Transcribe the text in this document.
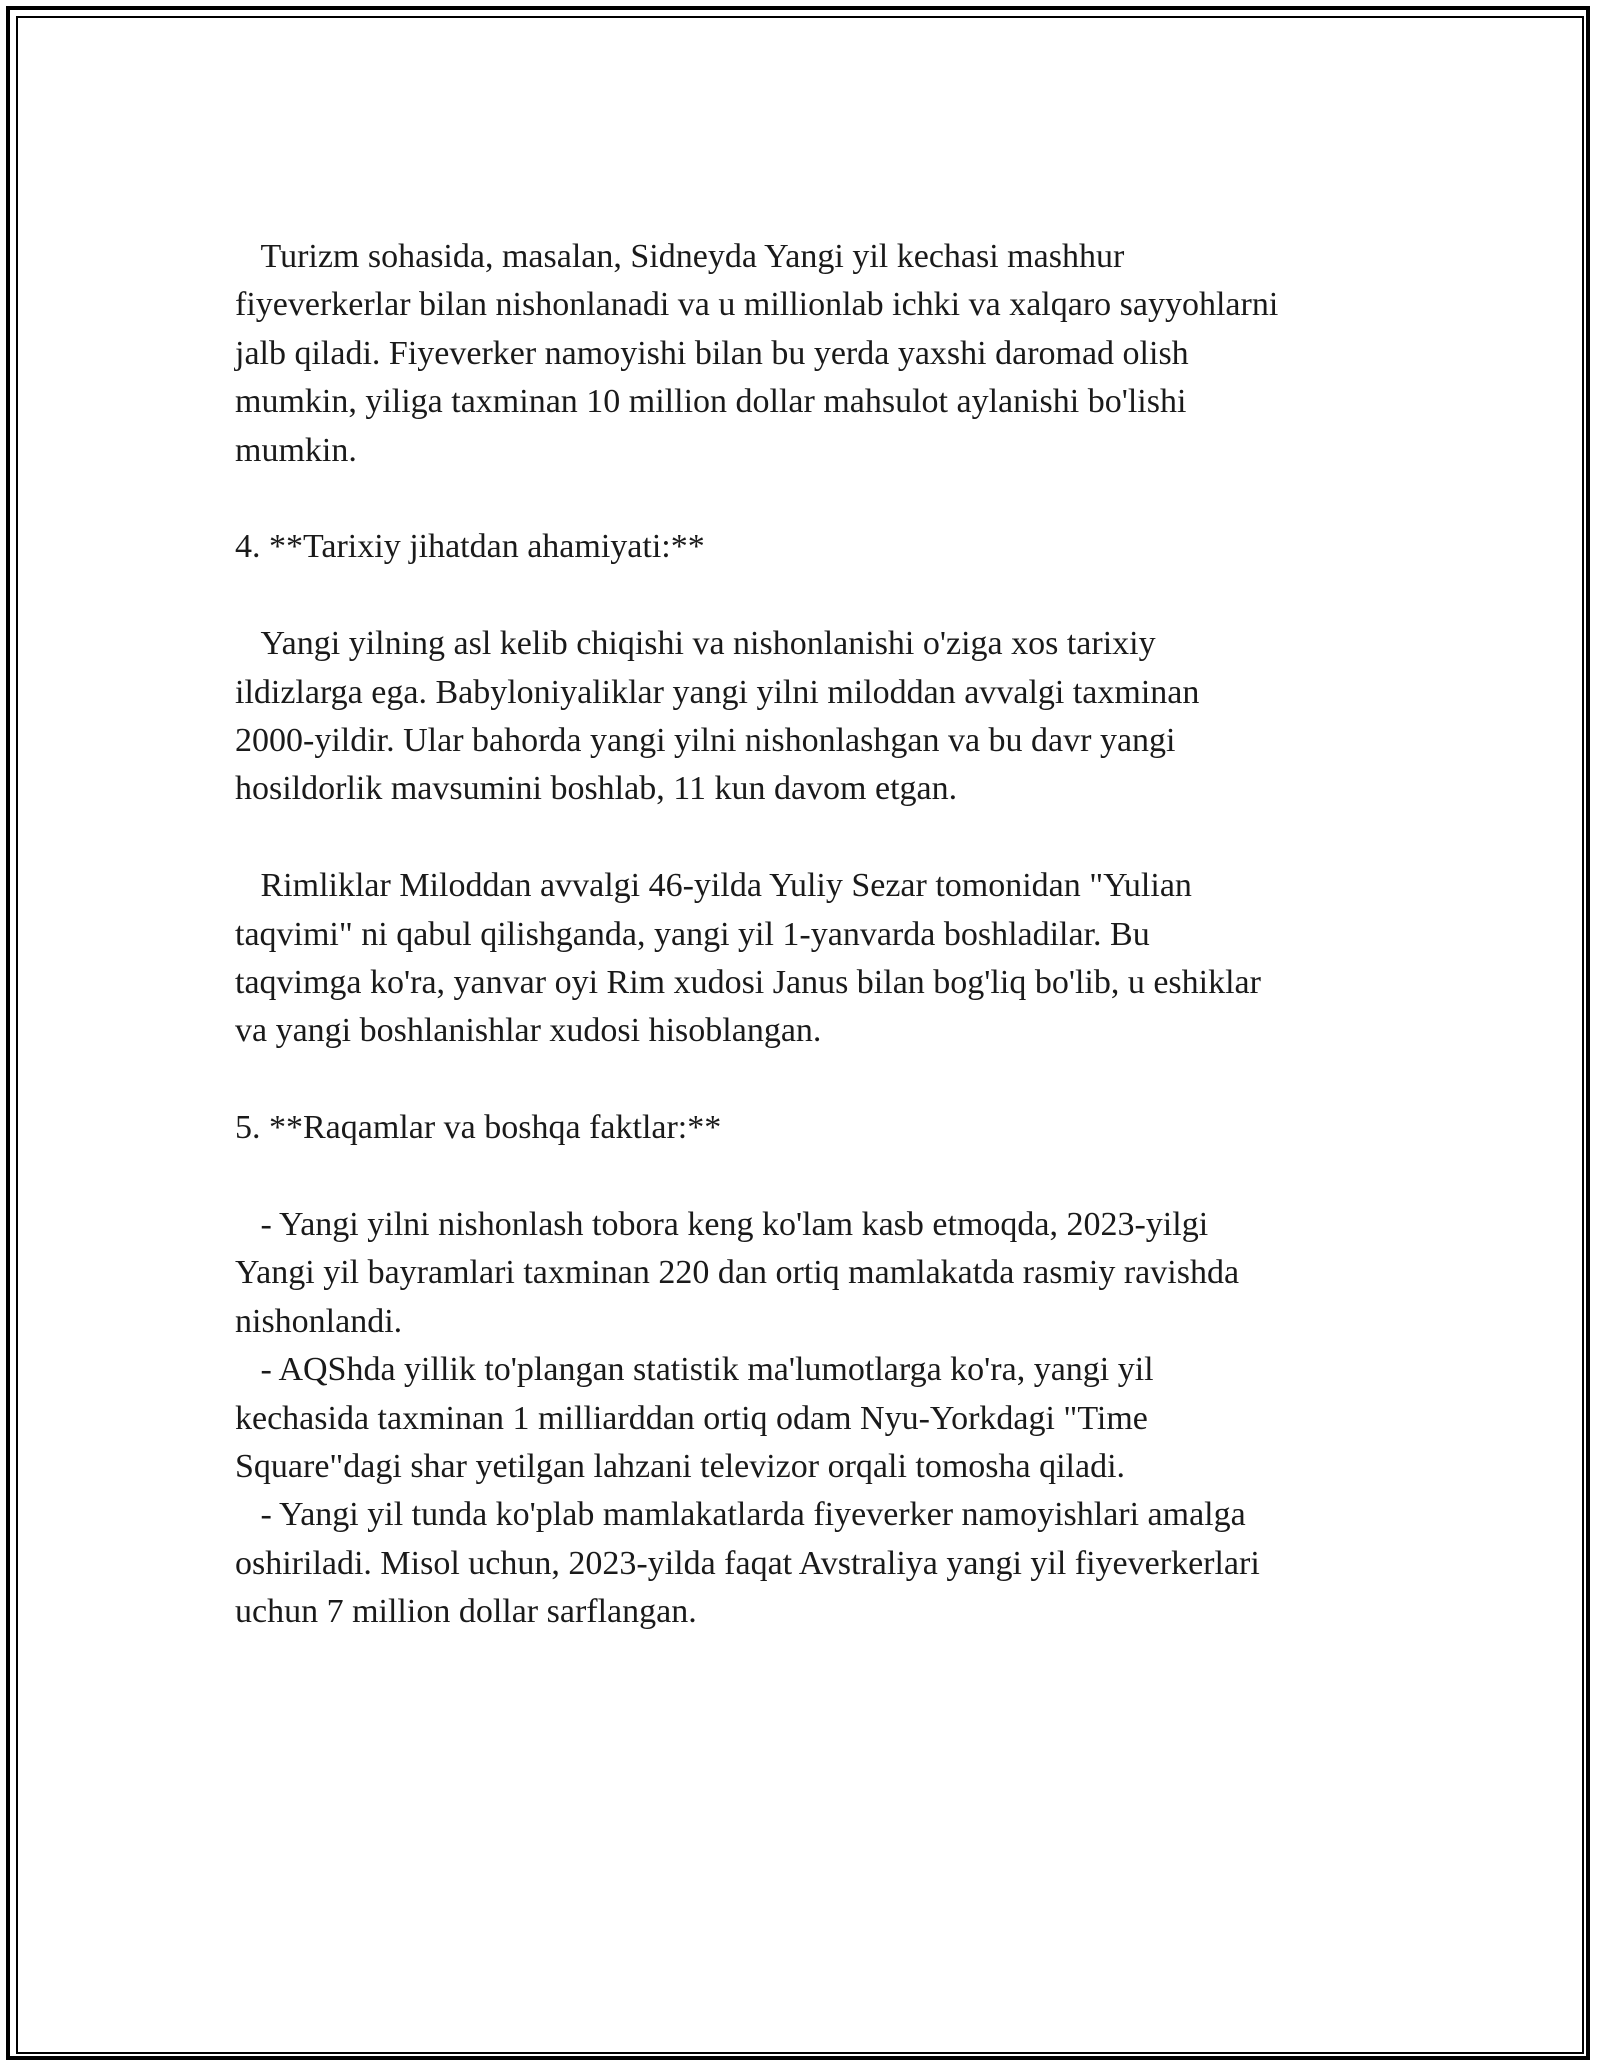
Turizm sohasida, masalan, Sidneyda Yangi yil kechasi mashhur

fiyeverkerlar bilan nishonlanadi va u millionlab ichki va xalqaro sayyohlarni

jalb qiladi. Fiyeverker namoyishi bilan bu yerda yaxshi daromad olish

mumkin, yiliga taxminan 10 million dollar mahsulot aylanishi bo'lishi

mumkin.

4. **Tarixiy jihatdan ahamiyati:**

Yangi yilning asl kelib chiqishi va nishonlanishi o'ziga xos tarixiy

ildizlarga ega. Babyloniyaliklar yangi yilni miloddan avvalgi taxminan

2000-yildir. Ular bahorda yangi yilni nishonlashgan va bu davr yangi

hosildorlik mavsumini boshlab, 11 kun davom etgan.

Rimliklar Miloddan avvalgi 46-yilda Yuliy Sezar tomonidan "Yulian

taqvimi" ni qabul qilishganda, yangi yil 1-yanvarda boshladilar. Bu

taqvimga ko'ra, yanvar oyi Rim xudosi Janus bilan bog'liq bo'lib, u eshiklar

va yangi boshlanishlar xudosi hisoblangan.

5. **Raqamlar va boshqa faktlar:**

- Yangi yilni nishonlash tobora keng ko'lam kasb etmoqda, 2023-yilgi

Yangi yil bayramlari taxminan 220 dan ortiq mamlakatda rasmiy ravishda

nishonlandi.

- AQShda yillik to'plangan statistik ma'lumotlarga ko'ra, yangi yil

kechasida taxminan 1 milliarddan ortiq odam Nyu-Yorkdagi "Time

Square"dagi shar yetilgan lahzani televizor orqali tomosha qiladi.

- Yangi yil tunda ko'plab mamlakatlarda fiyeverker namoyishlari amalga

oshiriladi. Misol uchun, 2023-yilda faqat Avstraliya yangi yil fiyeverkerlari

uchun 7 million dollar sarflangan.
